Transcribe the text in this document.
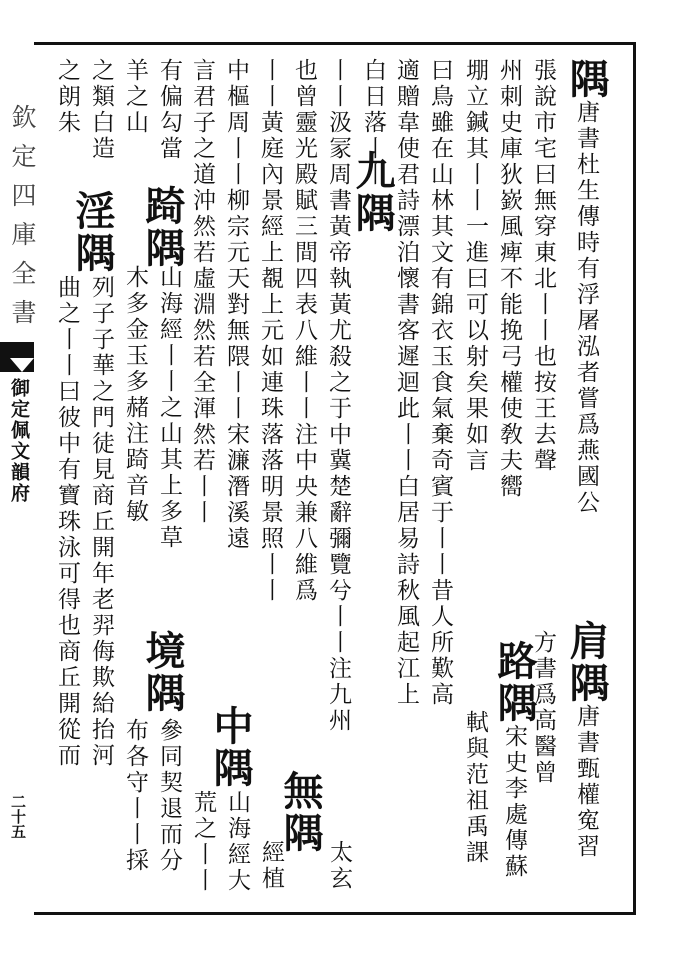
欽定四庫全書
御定佩文韻府
二十五
隅唐書杜生傳時有浮屠泓者嘗爲燕國公
肩隅唐書甄權寃習
張說市宅曰無穿東北丨丨也按王去聲
方書爲高醫曾
州刺史庫狄嶔風痺不能挽弓權使敎夫嚮
堋立鍼其丨丨一進曰可以射矣果如言
路隅宋史李處傳蘇
軾與范祖禹課
曰鳥雖在山林其文有錦衣玉食氣棄奇賓于丨丨昔人所歎高
適贈韋使君詩漂泊懷書客遲迴此丨丨白居易詩秋風起江上
白日落丨丨
九隅
丨丨汲冡周書黃帝執黃尤殺之于中冀楚辭彌覽兮丨丨注九州
也曾靈光殿賦三間四表八維丨丨注中央兼八維爲
無隅
太玄
丨丨黃庭內景經上覩上元如連珠落落明景照丨丨
經植
中樞周丨丨柳宗元天對無隈丨丨宋濂潛溪遠
言君子之道沖然若虛淵然若全渾然若丨丨
中隅
有偏勾當
踦隅
山海經丨丨之山其上多草
境隅
參同契退而分
羊之山
木多金玉多赭注踦音敏
布各守丨丨採
之類白造
淫隅
列子子華之門徒見商丘開年老羿侮欺紿抬河
之朗朱
曲之丨丨曰彼中有寶珠泳可得也商丘開從而
荒之丨丨 山海經大
